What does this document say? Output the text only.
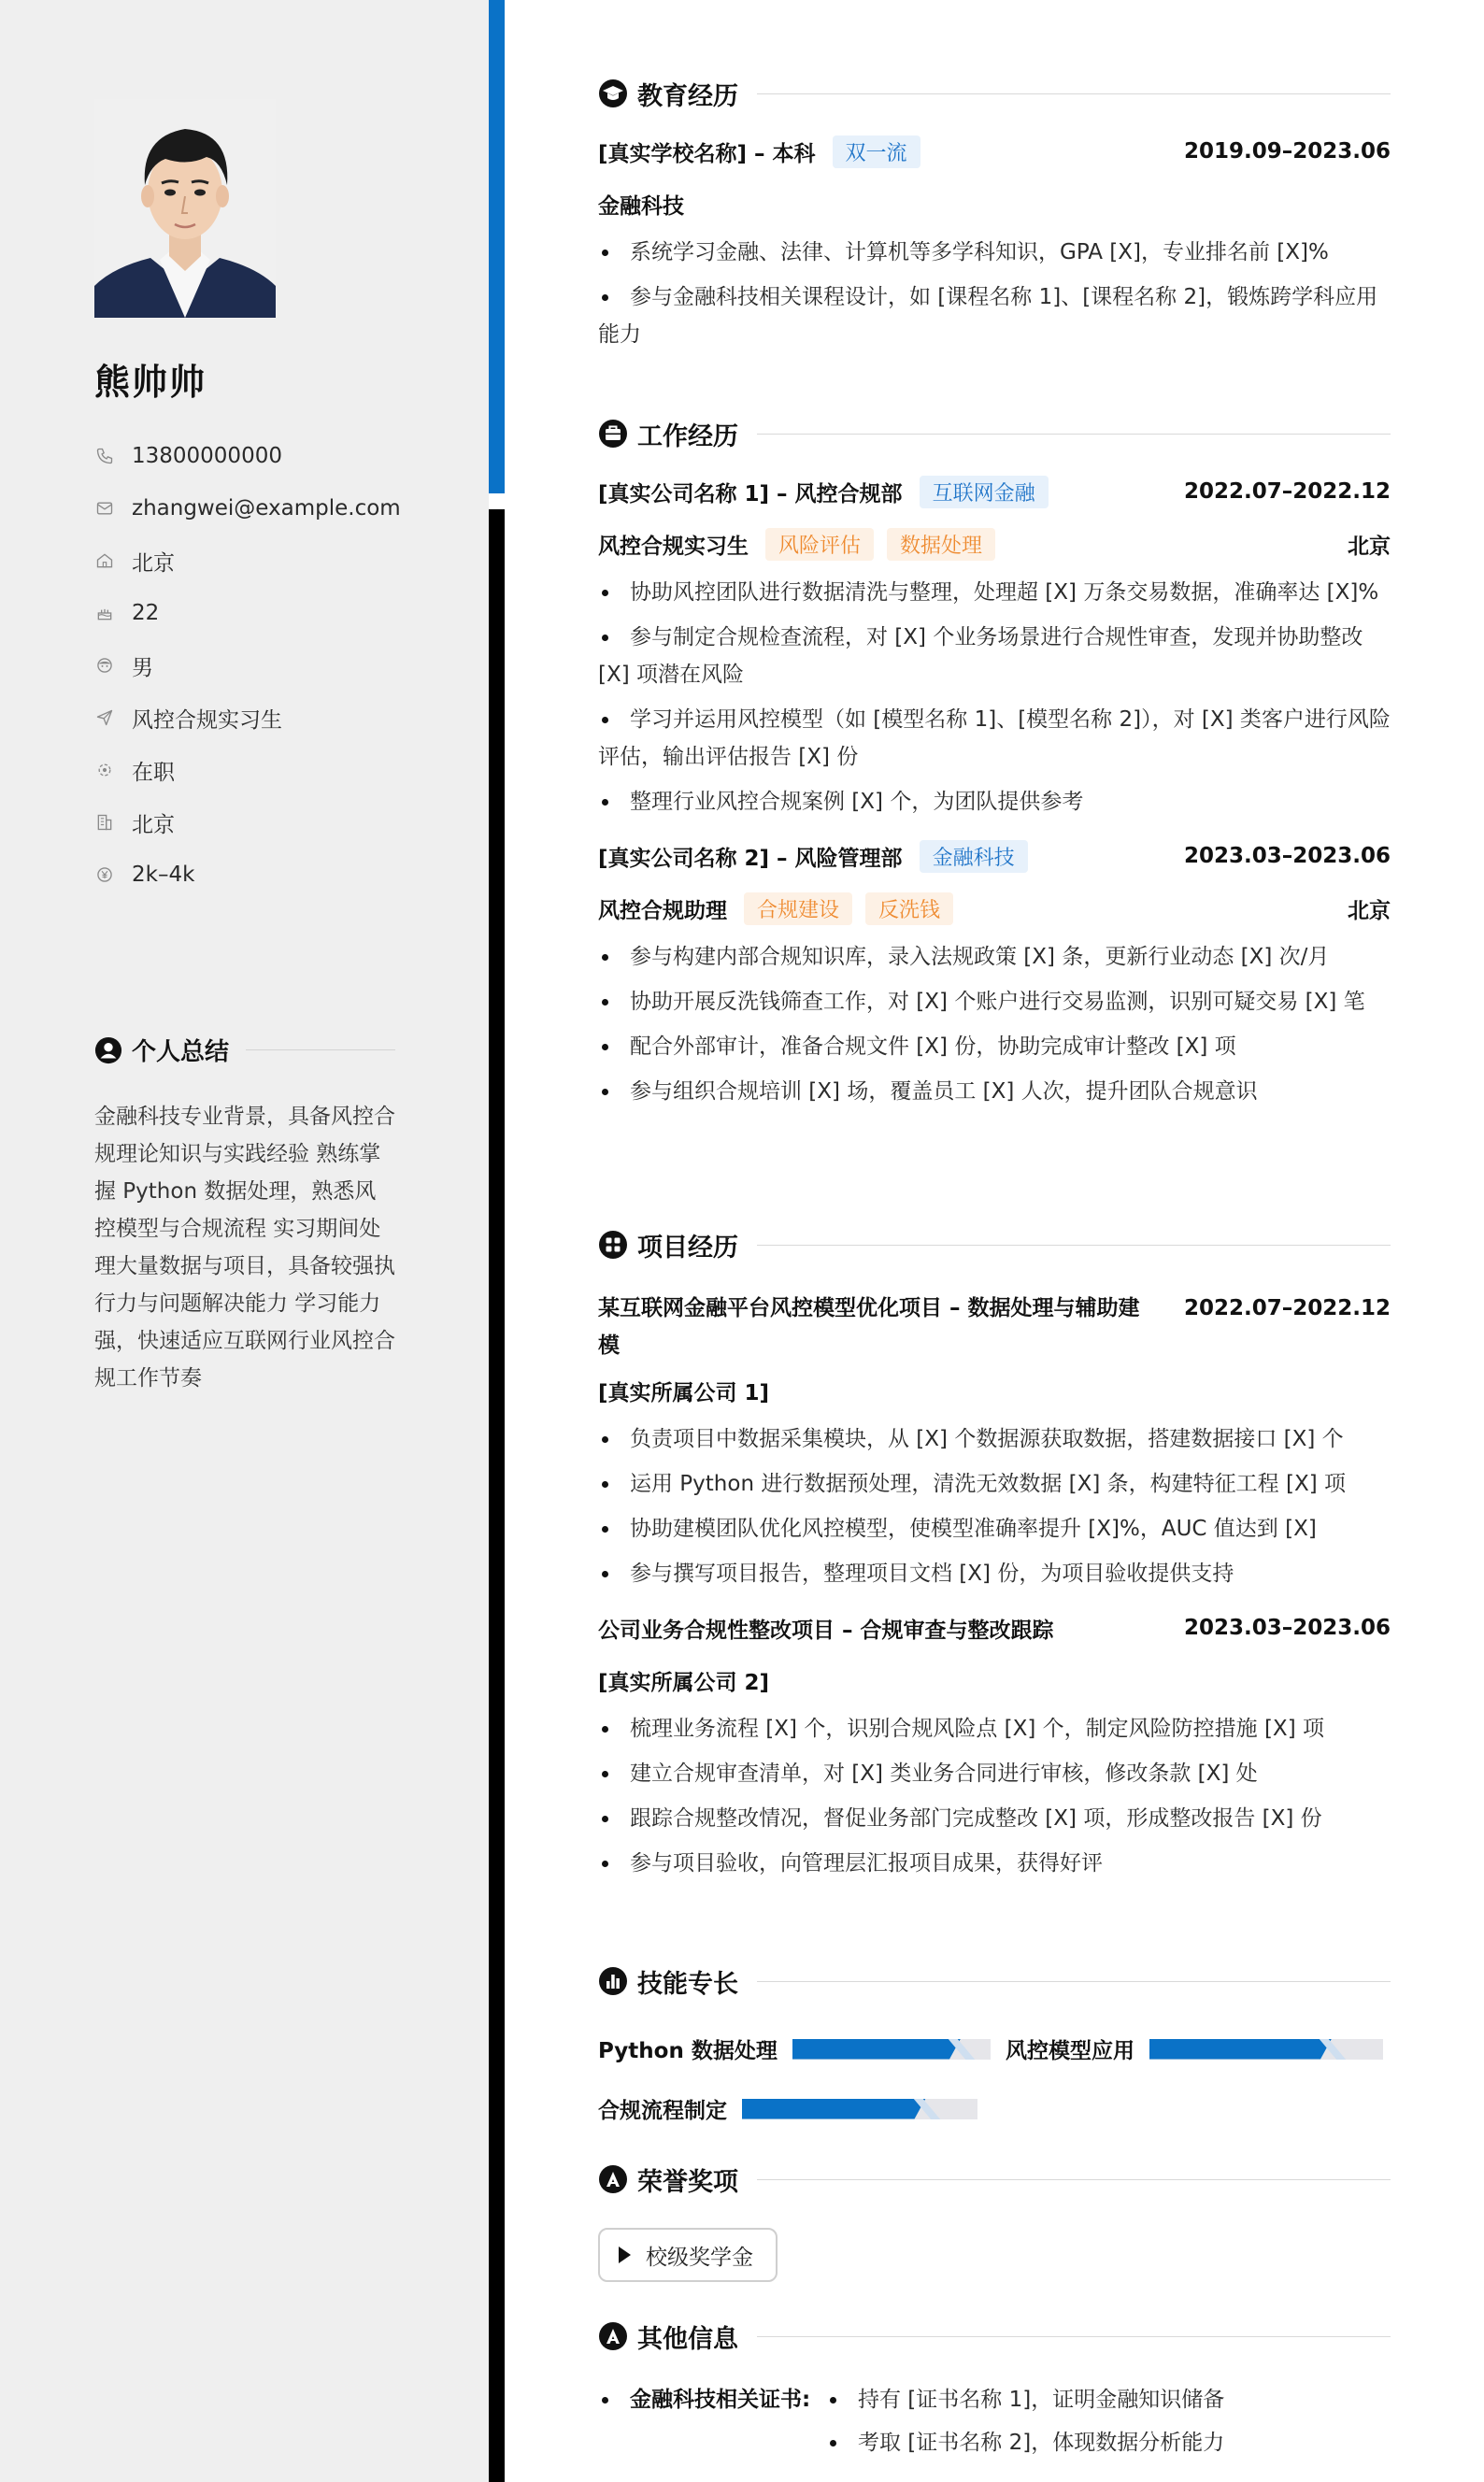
熊帅帅
13800000000
zhangwei@example.com
北京
22
男
风控合规实习生
在职
北京
2k–4k
个人总结
金融科技专业背景，具备风控合规理论知识与实践经验 熟练掌握 Python 数据处理，熟悉风控模型与合规流程 实习期间处理大量数据与项目，具备较强执行力与问题解决能力 学习能力强，快速适应互联网行业风控合规工作节奏
教育经历
[真实学校名称] – 本科	双一流	2019.09–2023.06
金融科技
系统学习金融、法律、计算机等多学科知识，GPA [X]，专业排名前 [X]%
参与金融科技相关课程设计，如 [课程名称 1]、[课程名称 2]，锻炼跨学科应用能力
工作经历
[真实公司名称 1] – 风控合规部	互联网金融	2022.07–2022.12
风控合规实习生	风险评估	数据处理	北京
协助风控团队进行数据清洗与整理，处理超 [X] 万条交易数据，准确率达 [X]%
参与制定合规检查流程，对 [X] 个业务场景进行合规性审查，发现并协助整改 [X] 项潜在风险
学习并运用风控模型（如 [模型名称 1]、[模型名称 2]），对 [X] 类客户进行风险评估，输出评估报告 [X] 份
整理行业风控合规案例 [X] 个，为团队提供参考
[真实公司名称 2] – 风险管理部	金融科技	2023.03–2023.06
风控合规助理	合规建设	反洗钱	北京
参与构建内部合规知识库，录入法规政策 [X] 条，更新行业动态 [X] 次/月
协助开展反洗钱筛查工作，对 [X] 个账户进行交易监测，识别可疑交易 [X] 笔
配合外部审计，准备合规文件 [X] 份，协助完成审计整改 [X] 项
参与组织合规培训 [X] 场，覆盖员工 [X] 人次，提升团队合规意识
项目经历
某互联网金融平台风控模型优化项目 – 数据处理与辅助建
模
2022.07–2022.12
[真实所属公司 1]
负责项目中数据采集模块，从 [X] 个数据源获取数据，搭建数据接口 [X] 个
运用 Python 进行数据预处理，清洗无效数据 [X] 条，构建特征工程 [X] 项
协助建模团队优化风控模型，使模型准确率提升 [X]%，AUC 值达到 [X]
参与撰写项目报告，整理项目文档 [X] 份，为项目验收提供支持
公司业务合规性整改项目 – 合规审查与整改跟踪	2023.03–2023.06
[真实所属公司 2]
梳理业务流程 [X] 个，识别合规风险点 [X] 个，制定风险防控措施 [X] 项
建立合规审查清单，对 [X] 类业务合同进行审核，修改条款 [X] 处
跟踪合规整改情况，督促业务部门完成整改 [X] 项，形成整改报告 [X] 份
参与项目验收，向管理层汇报项目成果，获得好评
技能专长
Python 数据处理	风控模型应用
合规流程制定
荣誉奖项
校级奖学金
其他信息
金融科技相关证书:	持有 [证书名称 1]，证明金融知识储备
考取 [证书名称 2]，体现数据分析能力
